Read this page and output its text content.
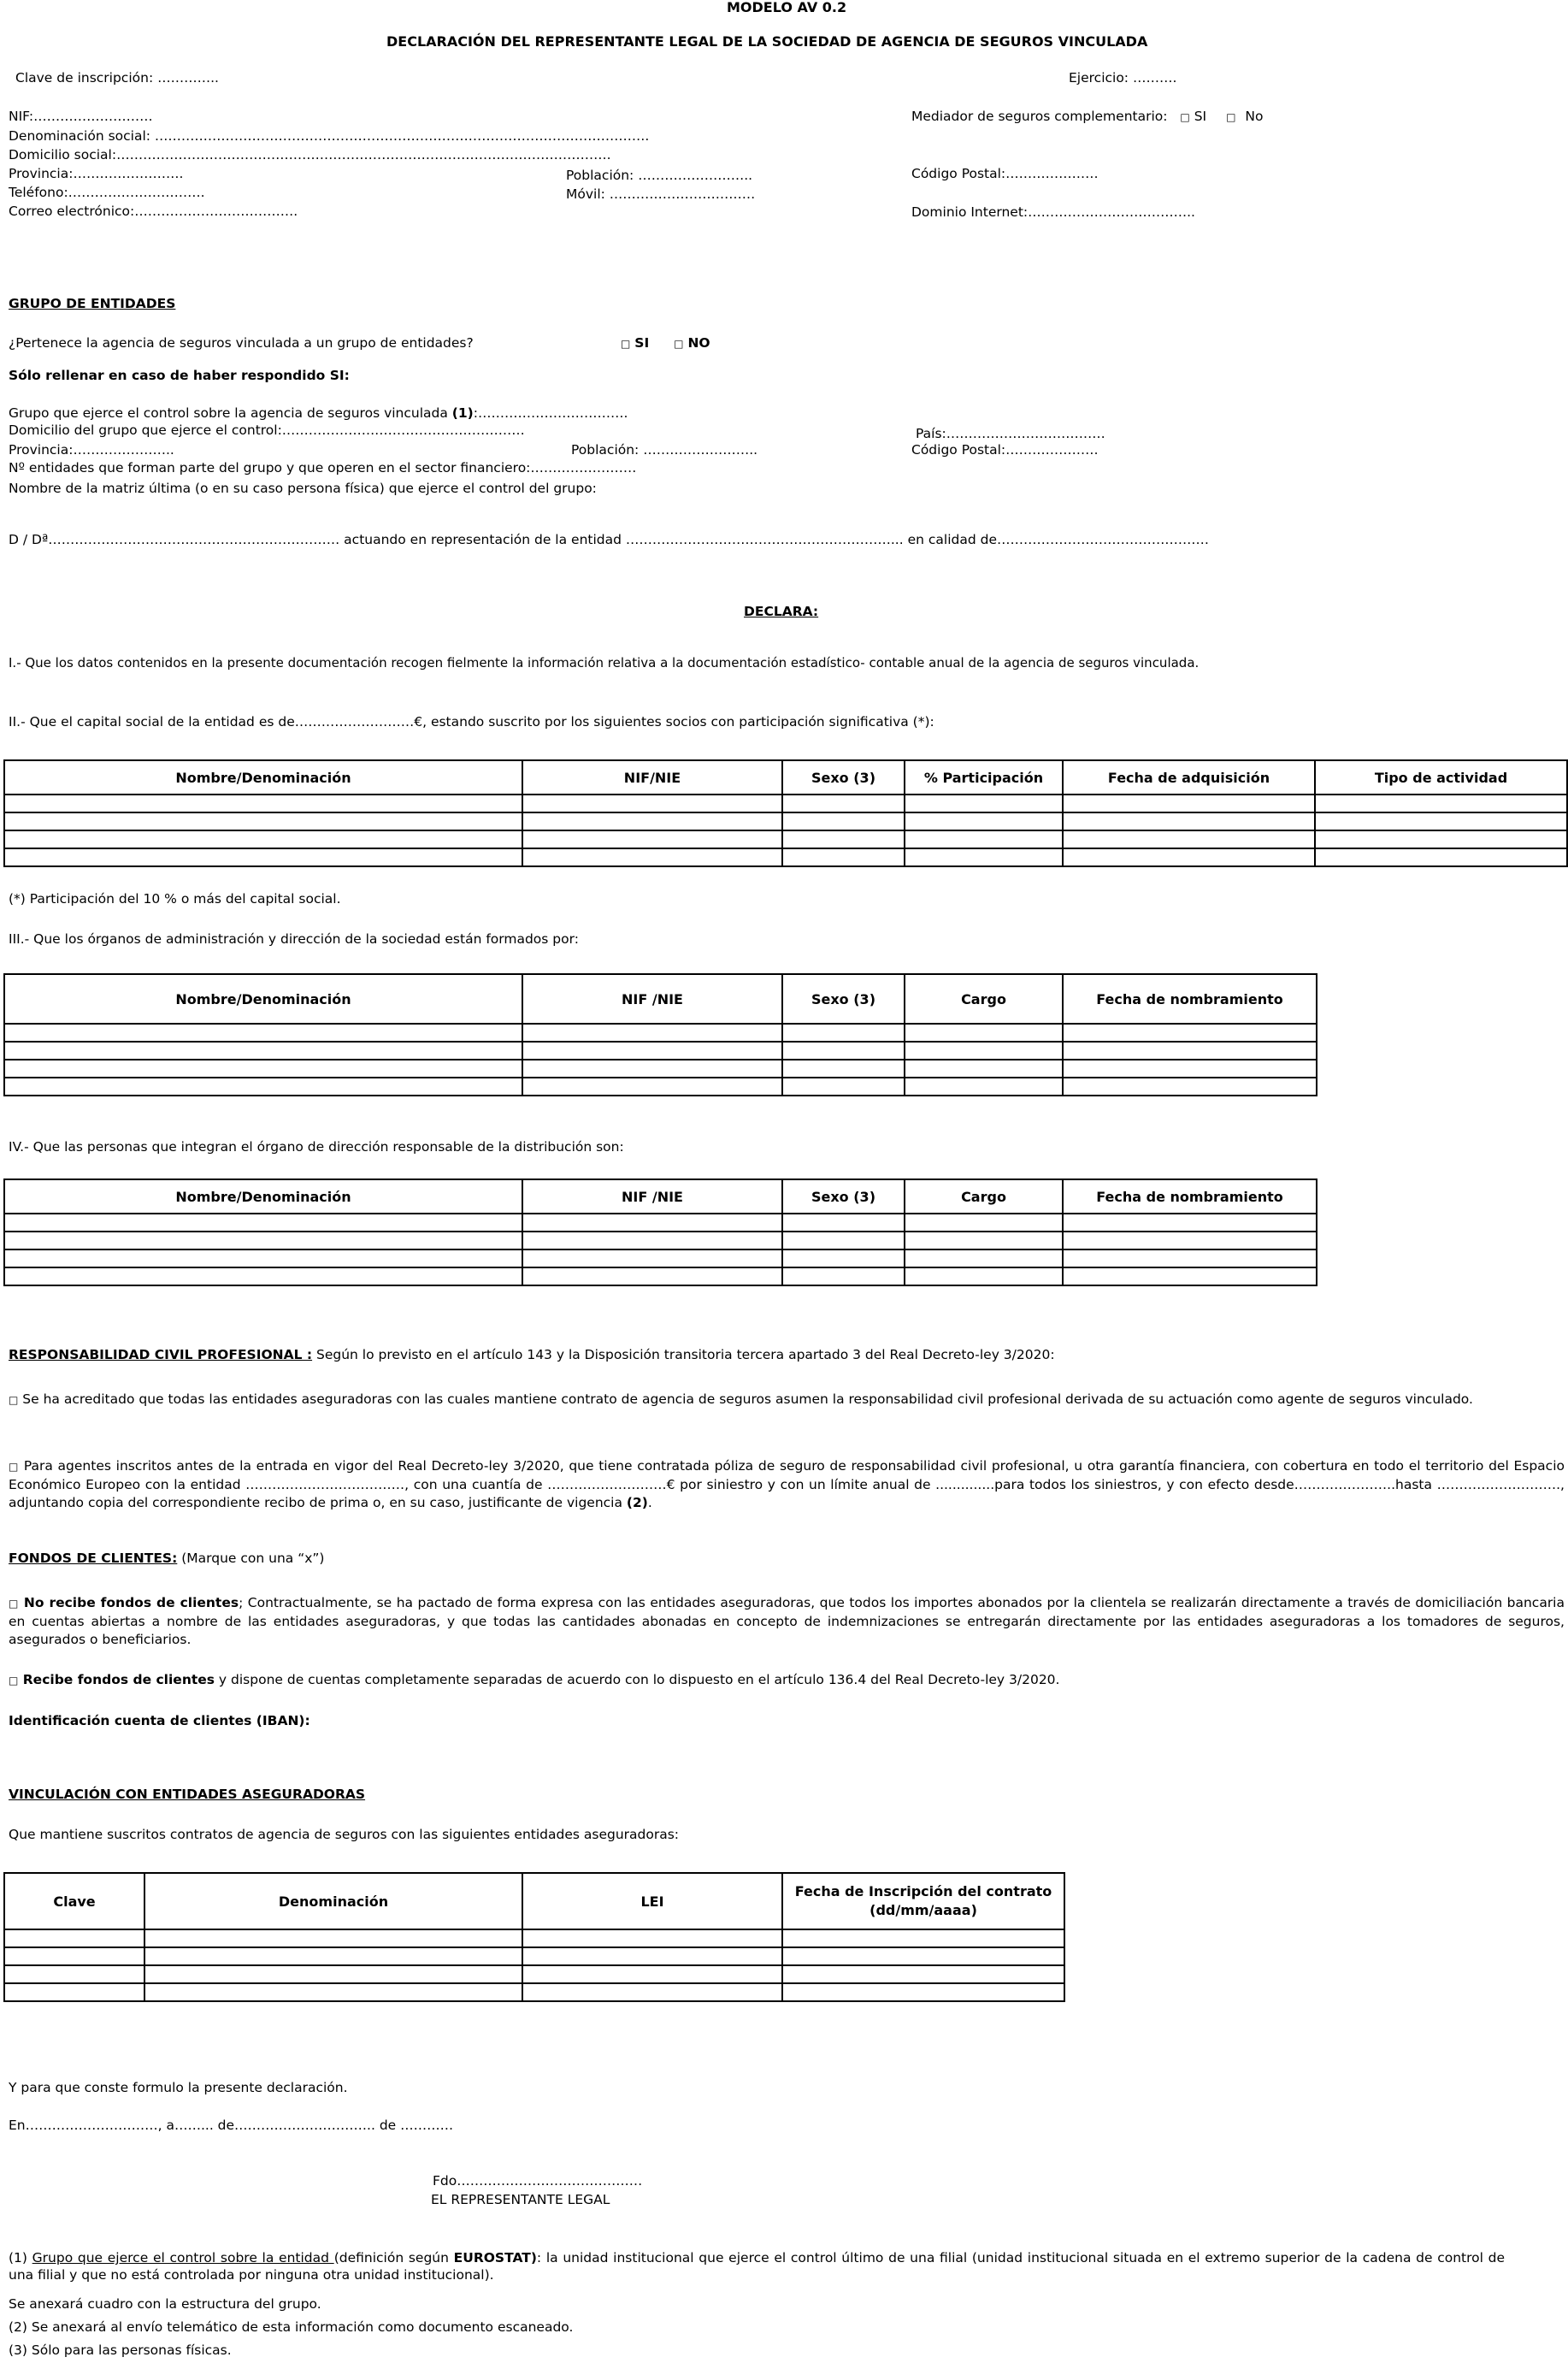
MODELO AV 0.2
DECLARACIÓN DEL REPRESENTANTE LEGAL DE LA SOCIEDAD DE AGENCIA DE SEGUROS VINCULADA
Clave de inscripción: …………..	Ejercicio: ……….
NIF:………………………	Mediador de seguros complementario: □ SI □ No
Denominación social: ………………………………………………………………………………………………….
Domicilio social:………………………………………………………………………………………………….
Provincia:…………………….	Población: ……………………..	Código Postal:…………………
Teléfono:………………………….	Móvil: ……………………………
Correo electrónico:……………………………….	Dominio Internet:………………………………..
GRUPO DE ENTIDADES
¿Pertenece la agencia de seguros vinculada a un grupo de entidades?	□ SI □ NO
Sólo rellenar en caso de haber respondido SI:
Grupo que ejerce el control sobre la agencia de seguros vinculada (1):…………………………….
Domicilio del grupo que ejerce el control:………………….……………………………	País:………………………………
Provincia:…………………..	Población: ……………………..	Código Postal:…………………
Nº entidades que forman parte del grupo y que operen en el sector financiero:……………………
Nombre de la matriz última (o en su caso persona física) que ejerce el control del grupo:
D / Dª………………………………………………………… actuando en representación de la entidad ……………………………………………………... en calidad de…………………………………………
DECLARA:
I.- Que los datos contenidos en la presente documentación recogen fielmente la información relativa a la documentación estadístico- contable anual de la agencia de seguros vinculada.
II.- Que el capital social de la entidad es de………………………€, estando suscrito por los siguientes socios con participación significativa (*):
Nombre/Denominación	NIF/NIE	Sexo (3)	% Participación	Fecha de adquisición	Tipo de actividad

(*) Participación del 10 % o más del capital social.
III.- Que los órganos de administración y dirección de la sociedad están formados por:
Nombre/Denominación	NIF /NIE	Sexo (3)	Cargo	Fecha de nombramiento

IV.- Que las personas que integran el órgano de dirección responsable de la distribución son:
Nombre/Denominación	NIF /NIE	Sexo (3)	Cargo	Fecha de nombramiento

RESPONSABILIDAD CIVIL PROFESIONAL : Según lo previsto en el artículo 143 y la Disposición transitoria tercera apartado 3 del Real Decreto-ley 3/2020:
□ Se ha acreditado que todas las entidades aseguradoras con las cuales mantiene contrato de agencia de seguros asumen la responsabilidad civil profesional derivada de su actuación como agente de seguros vinculado.
□ Para agentes inscritos antes de la entrada en vigor del Real Decreto-ley 3/2020, que tiene contratada póliza de seguro de responsabilidad civil profesional, u otra garantía financiera, con cobertura en todo el territorio del Espacio Económico Europeo con la entidad ………………………………, con una cuantía de ………………………€ por siniestro y con un límite anual de ..............para todos los siniestros, y con efecto desde…………………..hasta ………………………., adjuntando copia del correspondiente recibo de prima o, en su caso, justificante de vigencia (2).
FONDOS DE CLIENTES: (Marque con una “x”)
□ No recibe fondos de clientes; Contractualmente, se ha pactado de forma expresa con las entidades aseguradoras, que todos los importes abonados por la clientela se realizarán directamente a través de domiciliación bancaria en cuentas abiertas a nombre de las entidades aseguradoras, y que todas las cantidades abonadas en concepto de indemnizaciones se entregarán directamente por las entidades aseguradoras a los tomadores de seguros, asegurados o beneficiarios.
□ Recibe fondos de clientes y dispone de cuentas completamente separadas de acuerdo con lo dispuesto en el artículo 136.4 del Real Decreto-ley 3/2020.
Identificación cuenta de clientes (IBAN):
VINCULACIÓN CON ENTIDADES ASEGURADORAS
Que mantiene suscritos contratos de agencia de seguros con las siguientes entidades aseguradoras:
Clave	Denominación	LEI	Fecha de Inscripción del contrato (dd/mm/aaaa)

Y para que conste formulo la presente declaración.
En…………………………, a……... de………………………….. de …………
Fdo……………………………………
EL REPRESENTANTE LEGAL
(1) Grupo que ejerce el control sobre la entidad (definición según EUROSTAT): la unidad institucional que ejerce el control último de una filial (unidad institucional situada en el extremo superior de la cadena de control de una filial y que no está controlada por ninguna otra unidad institucional).
Se anexará cuadro con la estructura del grupo.
(2) Se anexará al envío telemático de esta información como documento escaneado.
(3) Sólo para las personas físicas.
